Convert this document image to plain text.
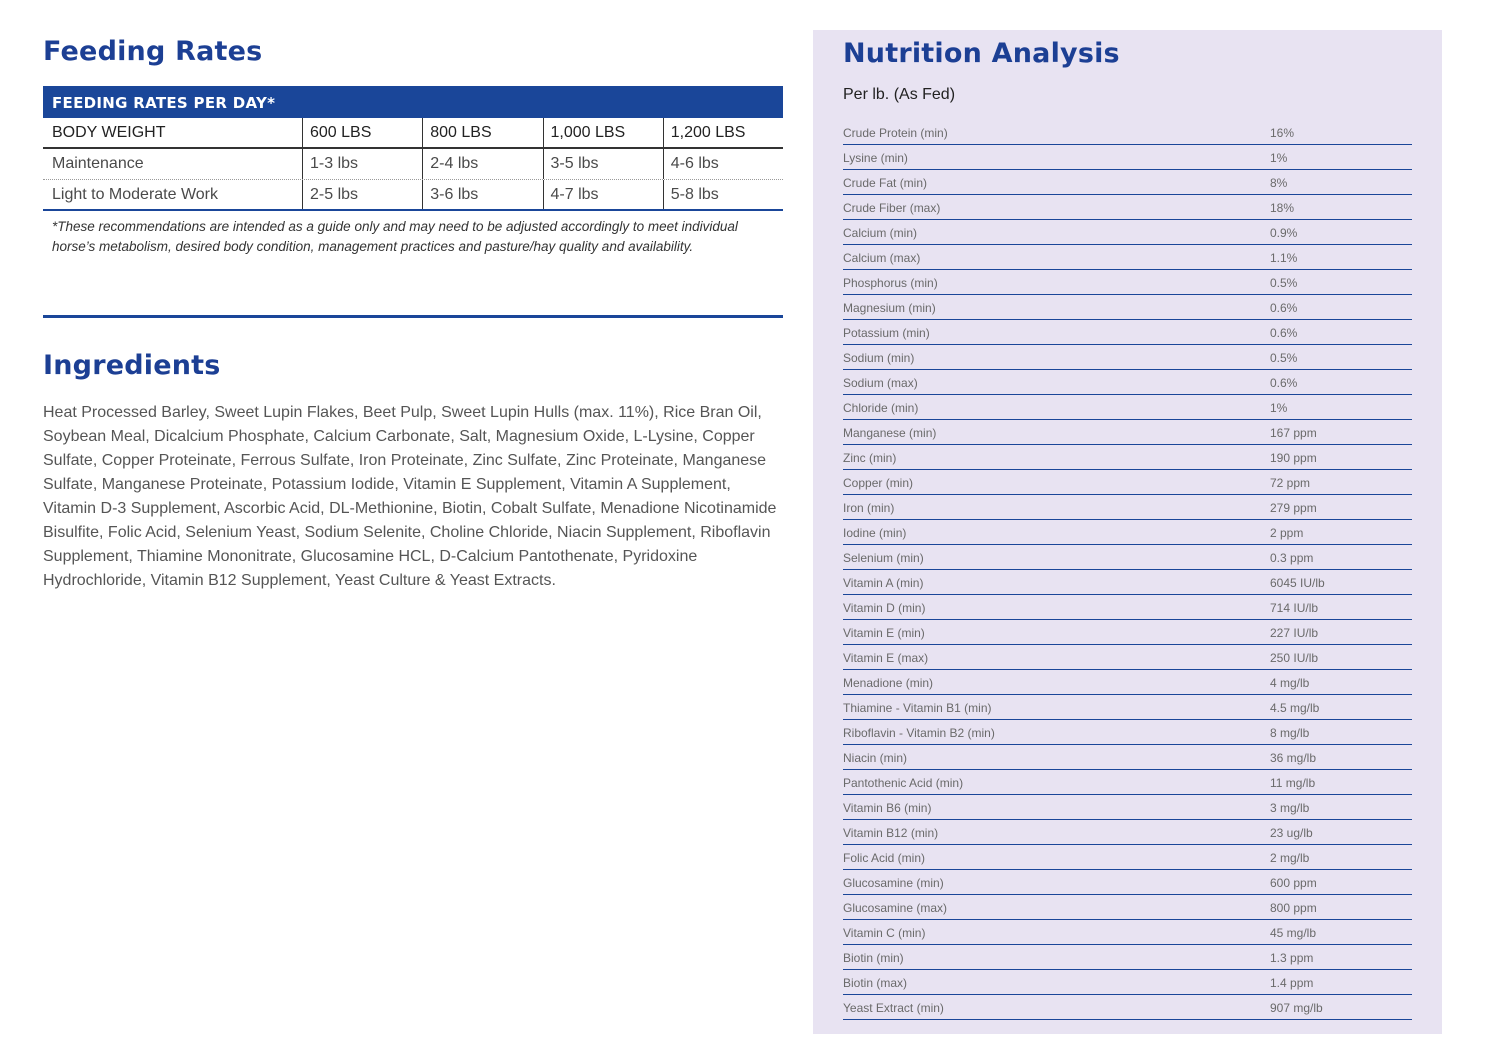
Feeding Rates
FEEDING RATES PER DAY*
BODY WEIGHT	600 LBS	800 LBS	1,000 LBS	1,200 LBS
Maintenance	1-3 lbs	2-4 lbs	3-5 lbs	4-6 lbs
Light to Moderate Work	2-5 lbs	3-6 lbs	4-7 lbs	5-8 lbs

*These recommendations are intended as a guide only and may need to be adjusted accordingly to meet individual horse’s metabolism, desired body condition, management practices and pasture/hay quality and availability.

Ingredients

Heat Processed Barley, Sweet Lupin Flakes, Beet Pulp, Sweet Lupin Hulls (max. 11%), Rice Bran Oil, Soybean Meal, Dicalcium Phosphate, Calcium Carbonate, Salt, Magnesium Oxide, L-Lysine, Copper Sulfate, Copper Proteinate, Ferrous Sulfate, Iron Proteinate, Zinc Sulfate, Zinc Proteinate, Manganese Sulfate, Manganese Proteinate, Potassium Iodide, Vitamin E Supplement, Vitamin A Supplement, Vitamin D-3 Supplement, Ascorbic Acid, DL-Methionine, Biotin, Cobalt Sulfate, Menadione Nicotinamide Bisulfite, Folic Acid, Selenium Yeast, Sodium Selenite, Choline Chloride, Niacin Supplement, Riboflavin Supplement, Thiamine Mononitrate, Glucosamine HCL, D-Calcium Pantothenate, Pyridoxine Hydrochloride, Vitamin B12 Supplement, Yeast Culture & Yeast Extracts.

Nutrition Analysis
Per lb. (As Fed)
Crude Protein (min)	16%
Lysine (min)	1%
Crude Fat (min)	8%
Crude Fiber (max)	18%
Calcium (min)	0.9%
Calcium (max)	1.1%
Phosphorus (min)	0.5%
Magnesium (min)	0.6%
Potassium (min)	0.6%
Sodium (min)	0.5%
Sodium (max)	0.6%
Chloride (min)	1%
Manganese (min)	167 ppm
Zinc (min)	190 ppm
Copper (min)	72 ppm
Iron (min)	279 ppm
Iodine (min)	2 ppm
Selenium (min)	0.3 ppm
Vitamin A (min)	6045 IU/lb
Vitamin D (min)	714 IU/lb
Vitamin E (min)	227 IU/lb
Vitamin E (max)	250 IU/lb
Menadione (min)	4 mg/lb
Thiamine - Vitamin B1 (min)	4.5 mg/lb
Riboflavin - Vitamin B2 (min)	8 mg/lb
Niacin (min)	36 mg/lb
Pantothenic Acid (min)	11 mg/lb
Vitamin B6 (min)	3 mg/lb
Vitamin B12 (min)	23 ug/lb
Folic Acid (min)	2 mg/lb
Glucosamine (min)	600 ppm
Glucosamine (max)	800 ppm
Vitamin C (min)	45 mg/lb
Biotin (min)	1.3 ppm
Biotin (max)	1.4 ppm
Yeast Extract (min)	907 mg/lb
